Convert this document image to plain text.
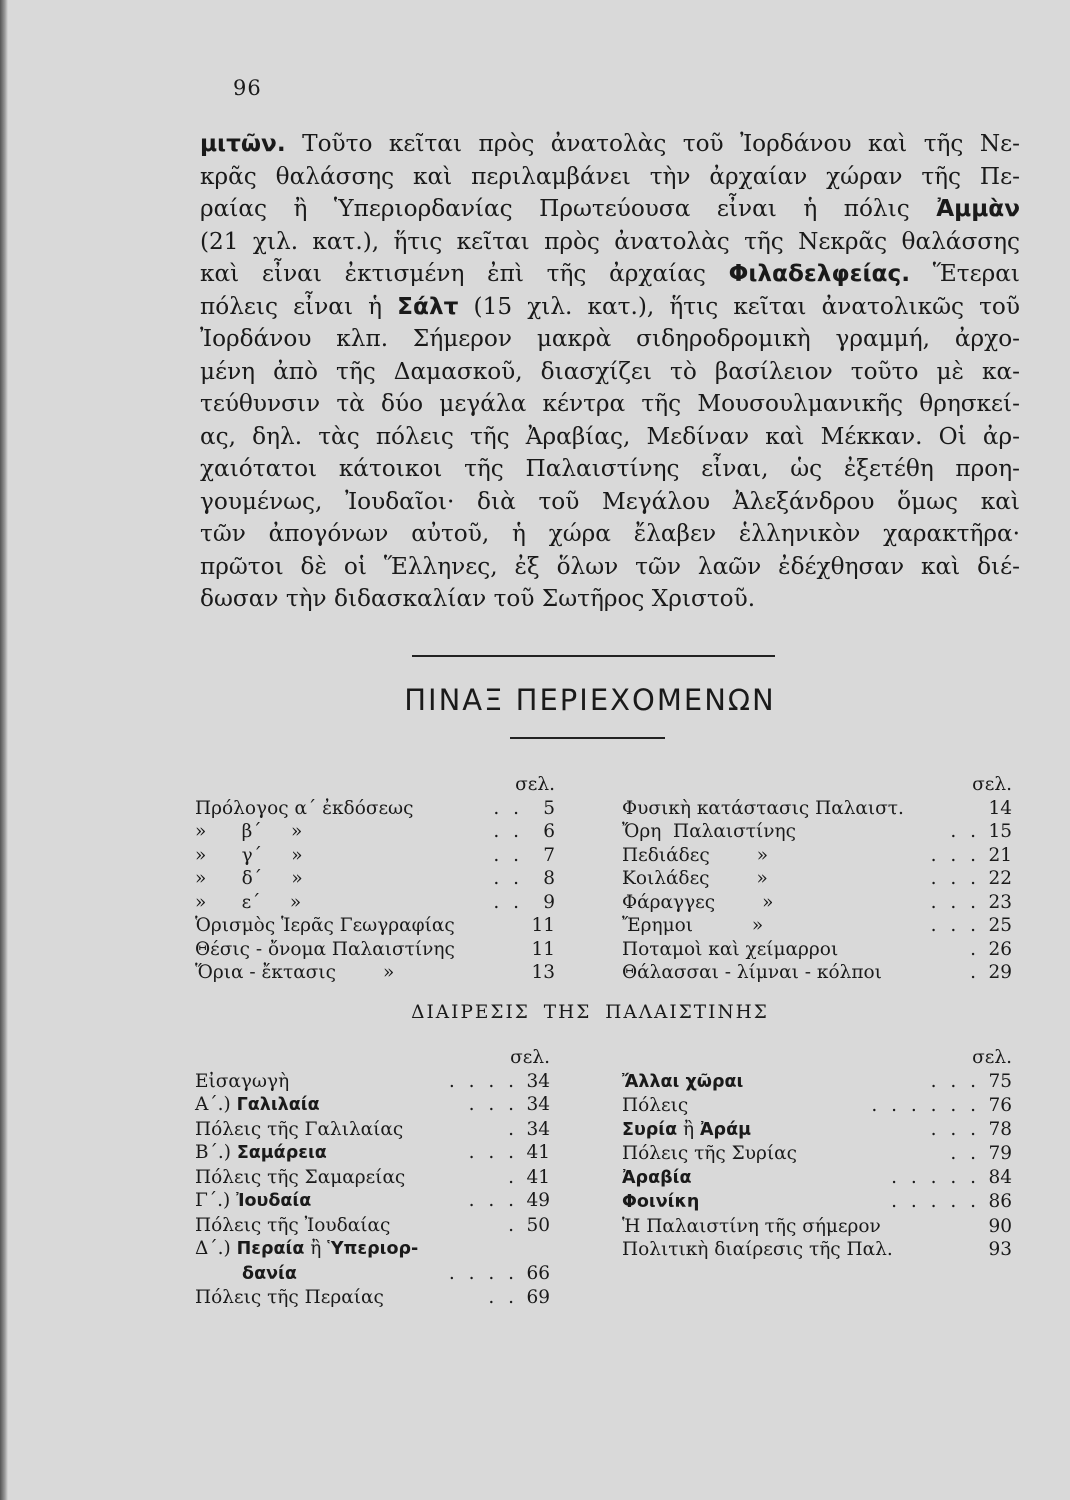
96

μιτῶν. Τοῦτο κεῖται πρὸς ἀνατολὰς τοῦ Ἰορδάνου καὶ τῆς Νε-
κρᾶς θαλάσσης καὶ περιλαμβάνει τὴν ἀρχαίαν χώραν τῆς Πε-
ραίας ἢ Ὑπεριορδανίας Πρωτεύουσα εἶναι ἡ πόλις Ἀμμὰν
(21 χιλ. κατ.), ἥτις κεῖται πρὸς ἀνατολὰς τῆς Νεκρᾶς θαλάσσης
καὶ εἶναι ἐκτισμένη ἐπὶ τῆς ἀρχαίας Φιλαδελφείας. Ἕτεραι
πόλεις εἶναι ἡ Σάλτ (15 χιλ. κατ.), ἥτις κεῖται ἀνατολικῶς τοῦ
Ἰορδάνου κλπ. Σήμερον μακρὰ σιδηροδρομικὴ γραμμή, ἀρχο-
μένη ἀπὸ τῆς Δαμασκοῦ, διασχίζει τὸ βασίλειον τοῦτο μὲ κα-
τεύθυνσιν τὰ δύο μεγάλα κέντρα τῆς Μουσουλμανικῆς θρησκεί-
ας, δηλ. τὰς πόλεις τῆς Ἀραβίας, Μεδίναν καὶ Μέκκαν. Οἱ ἀρ-
χαιότατοι κάτοικοι τῆς Παλαιστίνης εἶναι, ὡς ἐξετέθη προη-
γουμένως, Ἰουδαῖοι· διὰ τοῦ Μεγάλου Ἀλεξάνδρου ὅμως καὶ
τῶν ἀπογόνων αὐτοῦ, ἡ χώρα ἔλαβεν ἑλληνικὸν χαρακτῆρα·
πρῶτοι δὲ οἱ Ἕλληνες, ἐξ ὅλων τῶν λαῶν ἐδέχθησαν καὶ διέ-
δωσαν τὴν διδασκαλίαν τοῦ Σωτῆρος Χριστοῦ.

ΠΙΝΑΞ ΠΕΡΙΕΧΟΜΕΝΩΝ
σελ.
Πρόλογος α΄ ἐκδόσεως	. .	5
»      β΄     »	. .	6
»      γ΄     »	. .	7
»      δ΄     »	. .	8
»      ε΄     »	. .	9
Ὁρισμὸς Ἱερᾶς Γεωγραφίας	11
Θέσις - ὄνομα Παλαιστίνης	11
Ὅρια - ἔκτασις        »	13
σελ.
Φυσικὴ κατάστασις Παλαιστ.	14
Ὄρη  Παλαιστίνης	. . 15
Πεδιάδες        »	. . . 21
Κοιλάδες        »	. . . 22
Φάραγγες        »	. . . 23
Ἔρημοι          »	. . . 25
Ποταμοὶ καὶ χείμαρροι	. 26
Θάλασσαι - λίμναι - κόλποι	. 29
ΔΙΑΙΡΕΣΙΣ ΤΗΣ ΠΑΛΑΙΣΤΙΝΗΣ
σελ.
Εἰσαγωγὴ	. . . . 34
Α΄.) Γαλιλαία	. . . 34
Πόλεις τῆς Γαλιλαίας	. 34
Β΄.) Σαμάρεια	. . . 41
Πόλεις τῆς Σαμαρείας	. 41
Γ΄.) Ἰουδαία	. . . 49
Πόλεις τῆς Ἰουδαίας	. 50
Δ΄.) Περαία ἢ Ὑπεριορ-
δανία	. . . . 66
Πόλεις τῆς Περαίας	. . 69
σελ.
Ἄλλαι χῶραι	. . . 75
Πόλεις	. . . . . . 76
Συρία ἢ Ἀράμ	. . . 78
Πόλεις τῆς Συρίας	. . 79
Ἀραβία	. . . . . 84
Φοινίκη	. . . . . 86
Ἡ Παλαιστίνη τῆς σήμερον	90
Πολιτικὴ διαίρεσις τῆς Παλ.	93
